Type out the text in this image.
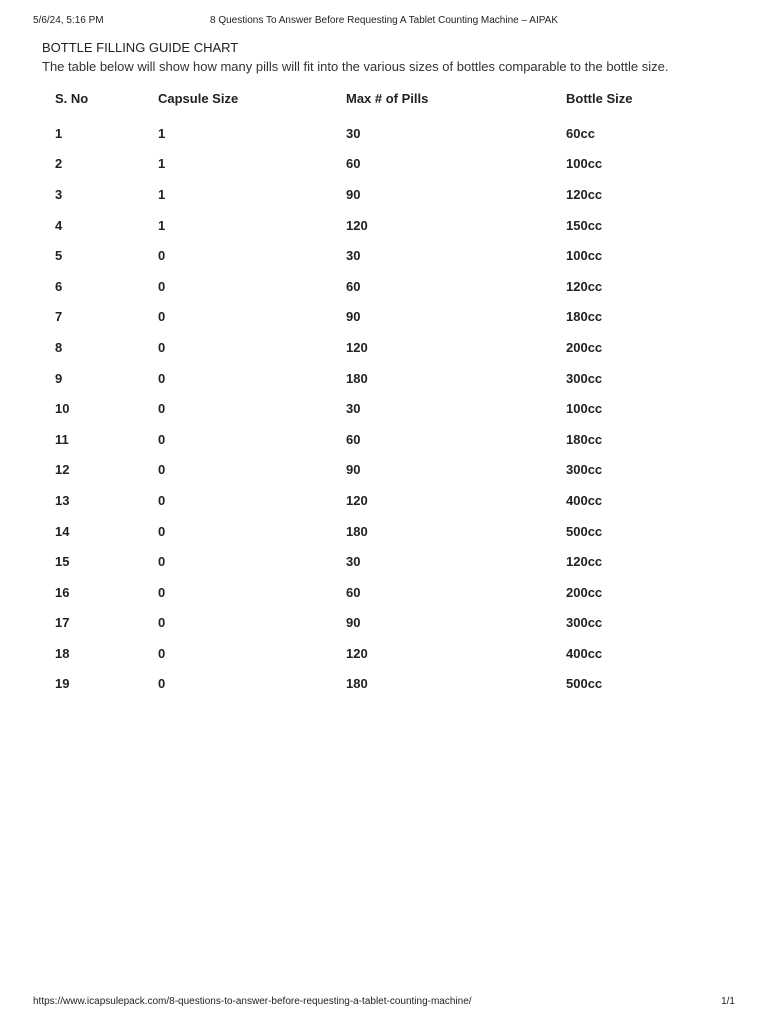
5/6/24, 5:16 PM	8 Questions To Answer Before Requesting A Tablet Counting Machine – AIPAK
BOTTLE FILLING GUIDE CHART

The table below will show how many pills will fit into the various sizes of bottles comparable to the bottle size.

S. No	Capsule Size	Max # of Pills	Bottle Size
1	1	30	60cc
2	1	60	100cc
3	1	90	120cc
4	1	120	150cc
5	0	30	100cc
6	0	60	120cc
7	0	90	180cc
8	0	120	200cc
9	0	180	300cc
10	0	30	100cc
11	0	60	180cc
12	0	90	300cc
13	0	120	400cc
14	0	180	500cc
15	0	30	120cc
16	0	60	200cc
17	0	90	300cc
18	0	120	400cc
19	0	180	500cc
https://www.icapsulepack.com/8-questions-to-answer-before-requesting-a-tablet-counting-machine/	1/1
